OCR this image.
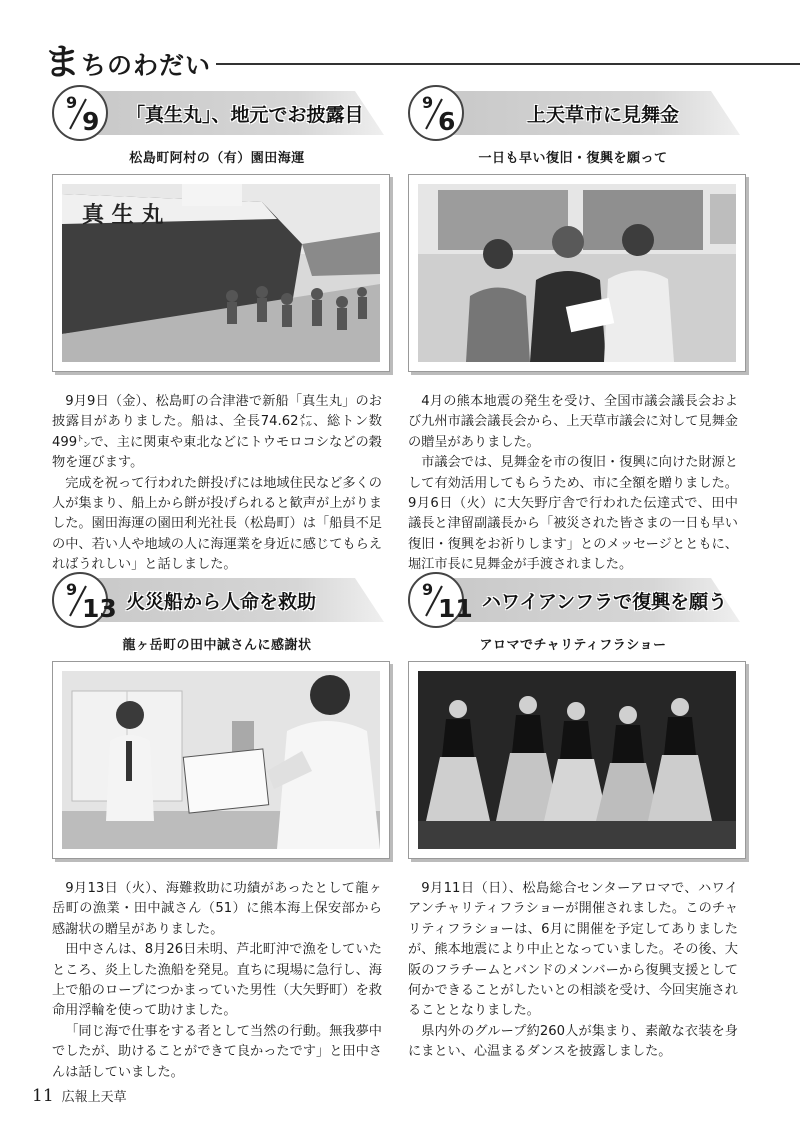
まちのわだい
9
9 「真生丸」、地元でお披露目
松島町阿村の（有）園田海運
真 生 丸

9月9日（金）、松島町の合津港で新船「真生丸」のお披露目がありました。船は、全長74.62㍍、総トン数499㌧で、主に関東や東北などにトウモロコシなどの穀物を運びます。

完成を祝って行われた餅投げには地域住民など多くの人が集まり、船上から餅が投げられると歓声が上がりました。園田海運の園田利光社長（松島町）は「船員不足の中、若い人や地域の人に海運業を身近に感じてもらえればうれしい」と話しました。

9
6	上天草市に見舞金
一日も早い復旧・復興を願って

4月の熊本地震の発生を受け、全国市議会議長会および九州市議会議長会から、上天草市議会に対して見舞金の贈呈がありました。

市議会では、見舞金を市の復旧・復興に向けた財源として有効活用してもらうため、市に全額を贈りました。9月6日（火）に大矢野庁舎で行われた伝達式で、田中議長と津留副議長から「被災された皆さまの一日も早い復旧・復興をお祈りします」とのメッセージとともに、堀江市長に見舞金が手渡されました。

9
13 火災船から人命を救助
龍ヶ岳町の田中誠さんに感謝状

9月13日（火）、海難救助に功績があったとして龍ヶ岳町の漁業・田中誠さん（51）に熊本海上保安部から感謝状の贈呈がありました。

田中さんは、8月26日未明、芦北町沖で漁をしていたところ、炎上した漁船を発見。直ちに現場に急行し、海上で船のロープにつかまっていた男性（大矢野町）を救命用浮輪を使って助けました。

「同じ海で仕事をする者として当然の行動。無我夢中でしたが、助けることができて良かったです」と田中さんは話していました。

9
11 ハワイアンフラで復興を願う
アロマでチャリティフラショー

9月11日（日）、松島総合センターアロマで、ハワイアンチャリティフラショーが開催されました。このチャリティフラショーは、6月に開催を予定してありましたが、熊本地震により中止となっていました。その後、大阪のフラチームとバンドのメンバーから復興支援として何かできることがしたいとの相談を受け、今回実施されることとなりました。

県内外のグループ約260人が集まり、素敵な衣装を身にまとい、心温まるダンスを披露しました。

11 広報上天草
